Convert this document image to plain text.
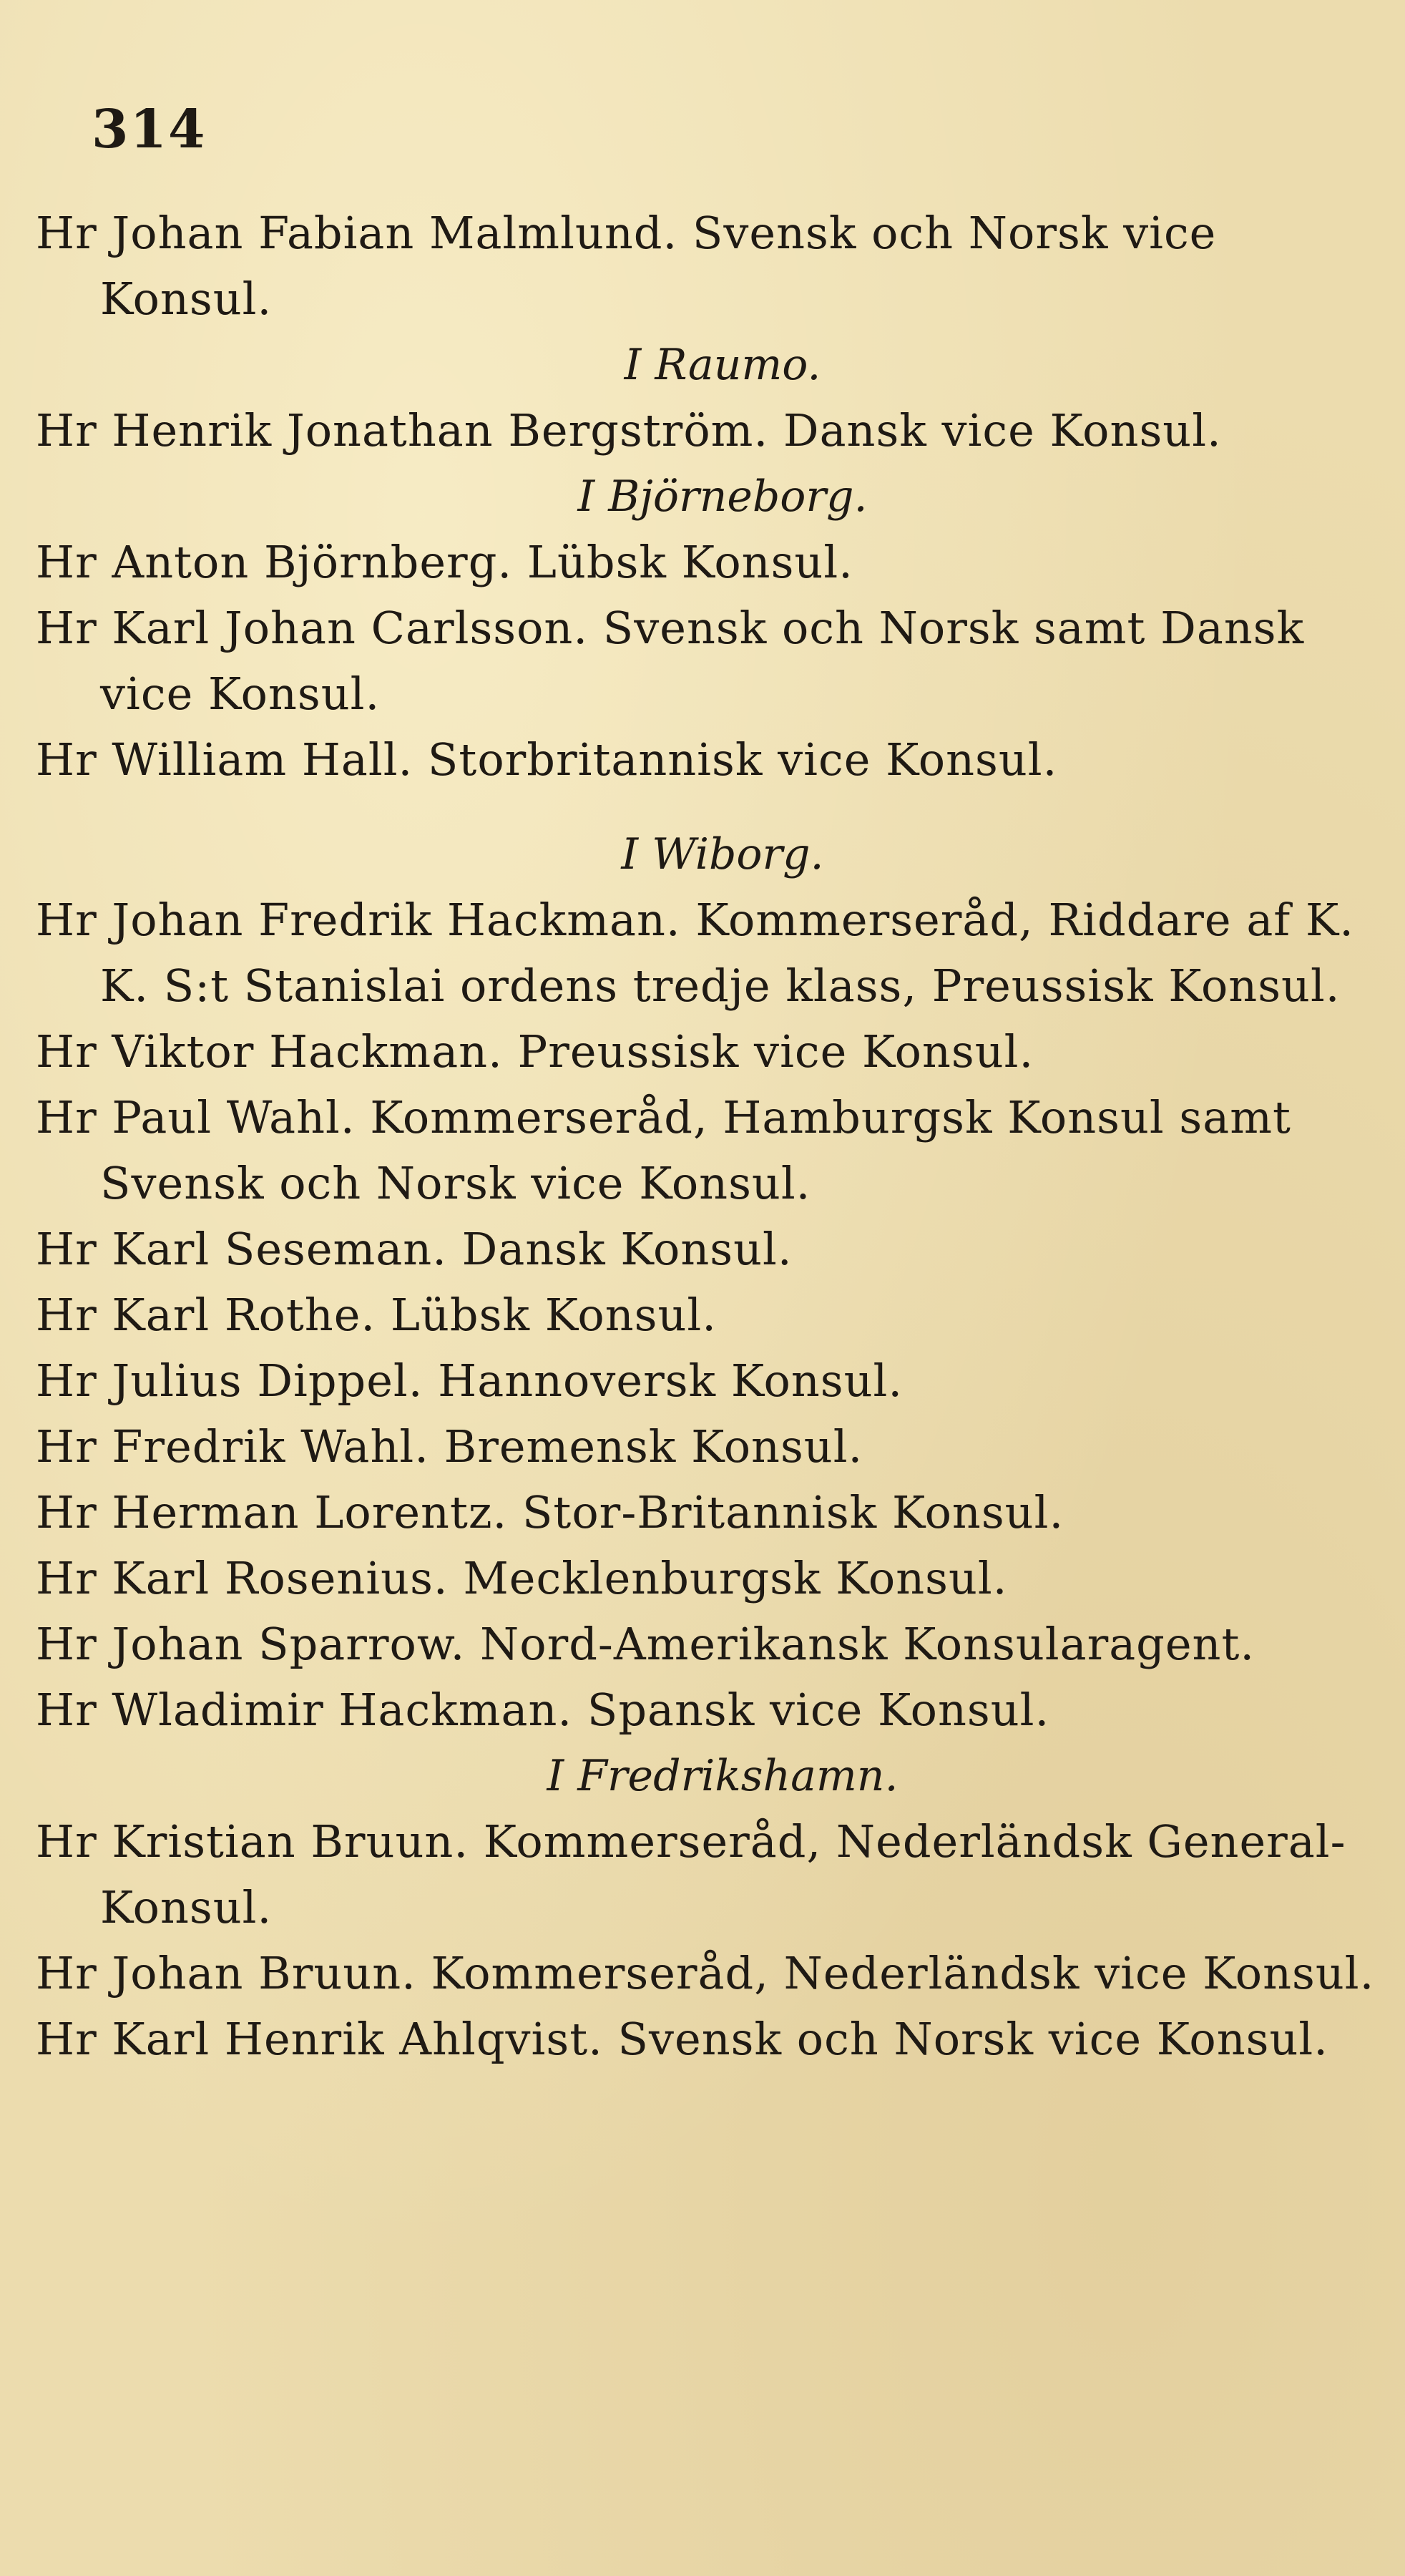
314
Hr Johan Fabian Malmlund. Svensk och Norsk vice Konsul.
I Raumo.
Hr Henrik Jonathan Bergström. Dansk vice Konsul.
I Björneborg.
Hr Anton Björnberg. Lübsk Konsul.
Hr Karl Johan Carlsson. Svensk och Norsk samt Dansk vice Konsul.
Hr William Hall. Storbritannisk vice Konsul.
I Wiborg.
Hr Johan Fredrik Hackman. Kommerseråd, Riddare af K. K. S:t Stanislai ordens tredje klass, Preussisk Konsul.
Hr Viktor Hackman. Preussisk vice Konsul.
Hr Paul Wahl. Kommerseråd, Hamburgsk Konsul samt Svensk och Norsk vice Konsul.
Hr Karl Seseman. Dansk Konsul.
Hr Karl Rothe. Lübsk Konsul.
Hr Julius Dippel. Hannoversk Konsul.
Hr Fredrik Wahl. Bremensk Konsul.
Hr Herman Lorentz. Stor-Britannisk Konsul.
Hr Karl Rosenius. Mecklenburgsk Konsul.
Hr Johan Sparrow. Nord-Amerikansk Konsularagent.
Hr Wladimir Hackman. Spansk vice Konsul.
I Fredrikshamn.
Hr Kristian Bruun. Kommerseråd, Nederländsk General-Konsul.
Hr Johan Bruun. Kommerseråd, Nederländsk vice Konsul.
Hr Karl Henrik Ahlqvist. Svensk och Norsk vice Konsul.
